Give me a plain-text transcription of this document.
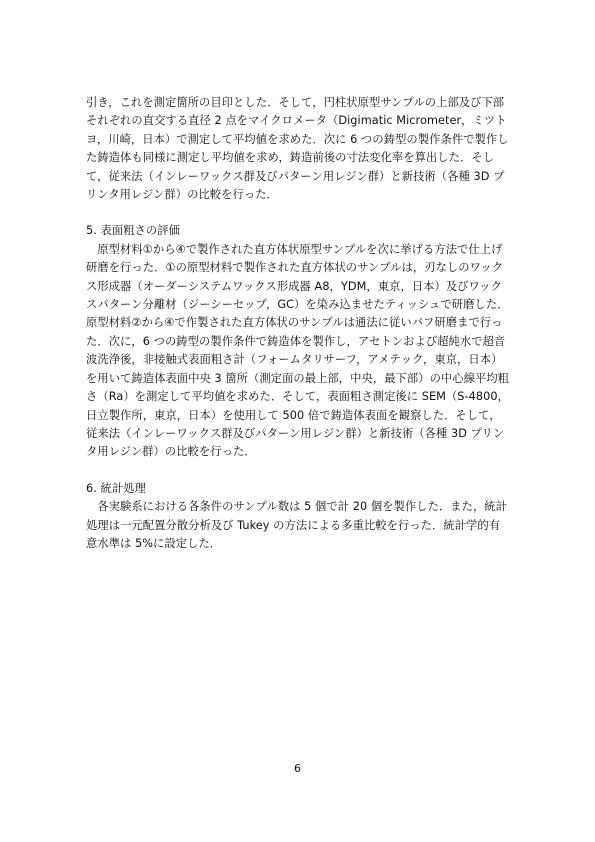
引き，これを測定箇所の目印とした．そして，円柱状原型サンプルの上部及び下部それぞれの直交する直径 2 点をマイクロメータ（Digimatic Micrometer，ミツトヨ，川崎，日本）で測定して平均値を求めた．次に 6 つの鋳型の製作条件で製作した鋳造体も同様に測定し平均値を求め，鋳造前後の寸法変化率を算出した．そして，従来法（インレーワックス群及びパターン用レジン群）と新技術（各種 3D プリンタ用レジン群）の比較を行った．

5. 表面粗さの評価

原型材料①から④で製作された直方体状原型サンプルを次に挙げる方法で仕上げ研磨を行った．①の原型材料で製作された直方体状のサンプルは，刃なしのワックス形成器（オーダーシステムワックス形成器 A8，YDM，東京，日本）及びワックスパターン分離材（ジーシーセップ，GC）を染み込ませたティッシュで研磨した．原型材料②から④で作製された直方体状のサンプルは通法に従いバフ研磨まで行った．次に，6 つの鋳型の製作条件で鋳造体を製作し，アセトンおよび超純水で超音波洗浄後，非接触式表面粗さ計（フォームタリサーフ，アメテック，東京，日本）を用いて鋳造体表面中央 3 箇所（測定面の最上部，中央，最下部）の中心線平均粗さ（Ra）を測定して平均値を求めた．そして，表面粗さ測定後に SEM（S-4800，日立製作所，東京，日本）を使用して 500 倍で鋳造体表面を観察した．そして，従来法（インレーワックス群及びパターン用レジン群）と新技術（各種 3D プリンタ用レジン群）の比較を行った．

6. 統計処理

各実験系における各条件のサンプル数は 5 個で計 20 個を製作した．また，統計処理は一元配置分散分析及び Tukey の方法による多重比較を行った．統計学的有意水準は 5%に設定した．

6
